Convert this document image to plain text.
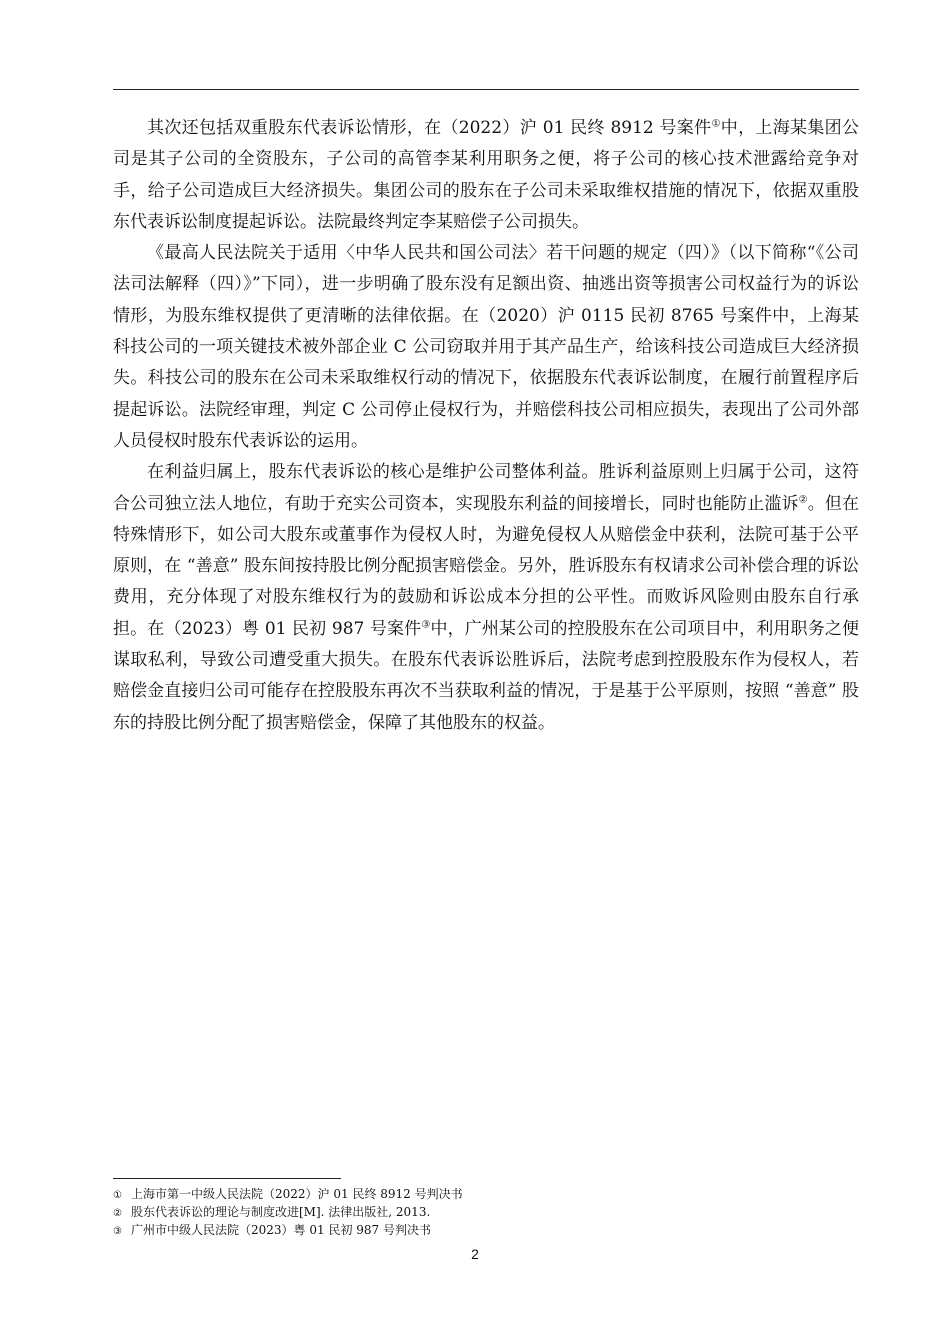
其次还包括双重股东代表诉讼情形，在（2022）沪 01 民终 8912 号案件①中，上海某集团公司是其子公司的全资股东，子公司的高管李某利用职务之便，将子公司的核心技术泄露给竞争对手，给子公司造成巨大经济损失。集团公司的股东在子公司未采取维权措施的情况下，依据双重股东代表诉讼制度提起诉讼。法院最终判定李某赔偿子公司损失。

《最高人民法院关于适用〈中华人民共和国公司法〉若干问题的规定（四）》（以下简称“《公司法司法解释（四）》”下同），进一步明确了股东没有足额出资、抽逃出资等损害公司权益行为的诉讼情形，为股东维权提供了更清晰的法律依据。在（2020）沪 0115 民初 8765 号案件中，上海某科技公司的一项关键技术被外部企业 C 公司窃取并用于其产品生产，给该科技公司造成巨大经济损失。科技公司的股东在公司未采取维权行动的情况下，依据股东代表诉讼制度，在履行前置程序后提起诉讼。法院经审理，判定 C 公司停止侵权行为，并赔偿科技公司相应损失，表现出了公司外部人员侵权时股东代表诉讼的运用。

在利益归属上，股东代表诉讼的核心是维护公司整体利益。胜诉利益原则上归属于公司，这符合公司独立法人地位，有助于充实公司资本，实现股东利益的间接增长，同时也能防止滥诉②。但在特殊情形下，如公司大股东或董事作为侵权人时，为避免侵权人从赔偿金中获利，法院可基于公平原则，在 “善意” 股东间按持股比例分配损害赔偿金。另外，胜诉股东有权请求公司补偿合理的诉讼费用，充分体现了对股东维权行为的鼓励和诉讼成本分担的公平性。而败诉风险则由股东自行承担。在（2023）粤 01 民初 987 号案件③中，广州某公司的控股股东在公司项目中，利用职务之便谋取私利，导致公司遭受重大损失。在股东代表诉讼胜诉后，法院考虑到控股股东作为侵权人，若赔偿金直接归公司可能存在控股股东再次不当获取利益的情况，于是基于公平原则，按照 “善意” 股东的持股比例分配了损害赔偿金，保障了其他股东的权益。

① 上海市第一中级人民法院（2022）沪 01 民终 8912 号判决书
② 股东代表诉讼的理论与制度改进[M]. 法律出版社, 2013.
③ 广州市中级人民法院（2023）粤 01 民初 987 号判决书
2
